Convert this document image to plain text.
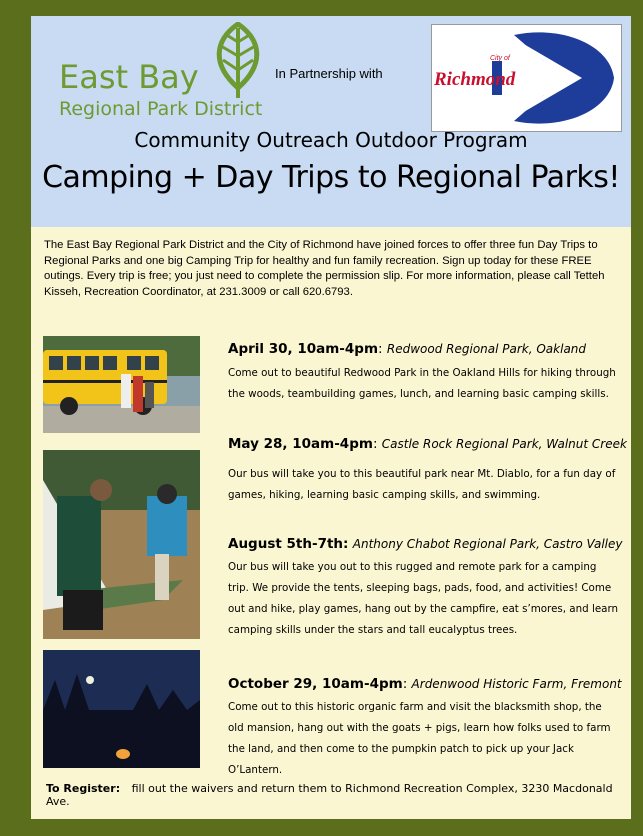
East Bay
Regional Park District
In Partnership with
City of
Richmond
Community Outreach Outdoor Program
Camping + Day Trips to Regional Parks!
The East Bay Regional Park District and the City of Richmond have joined forces to offer three fun Day Trips to Regional Parks and one big Camping Trip for healthy and fun family recreation. Sign up today for these FREE outings. Every trip is free; you just need to complete the permission slip. For more information, please call Tetteh Kisseh, Recreation Coordinator, at 231.3009 or call 620.6793.
April 30, 10am-4pm: Redwood Regional Park, Oakland
Come out to beautiful Redwood Park in the Oakland Hills for hiking through the woods, teambuilding games, lunch, and learning basic camping skills.
May 28, 10am-4pm: Castle Rock Regional Park, Walnut Creek
Our bus will take you to this beautiful park near Mt. Diablo, for a fun day of games, hiking, learning basic camping skills, and swimming.
August 5th-7th: Anthony Chabot Regional Park, Castro Valley
Our bus will take you out to this rugged and remote park for a camping trip. We provide the tents, sleeping bags, pads, food, and activities! Come out and hike, play games, hang out by the campfire, eat s’mores, and learn camping skills under the stars and tall eucalyptus trees.
October 29, 10am-4pm: Ardenwood Historic Farm, Fremont
Come out to this historic organic farm and visit the blacksmith shop, the old mansion, hang out with the goats + pigs, learn how folks used to farm the land, and then come to the pumpkin patch to pick up your Jack O’Lantern.
To Register: fill out the waivers and return them to Richmond Recreation Complex, 3230 Macdonald Ave.
